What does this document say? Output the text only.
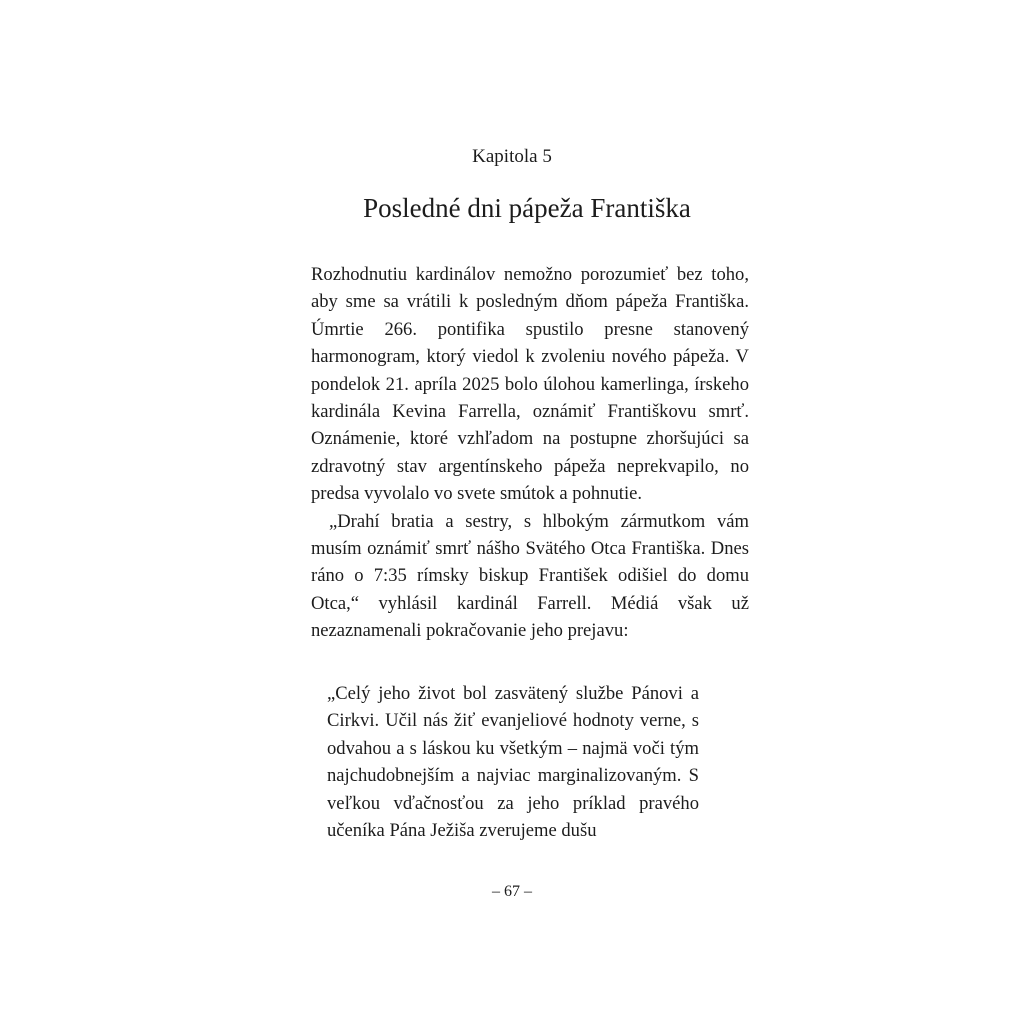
Kapitola 5
Posledné dni pápeža Františka

Rozhodnutiu kardinálov nemožno porozumieť bez toho, aby sme sa vrátili k posledným dňom pápeža Františka. Úmrtie 266. pontifika spustilo presne stanovený harmonogram, ktorý viedol k zvoleniu nového pápeža. V pondelok 21. apríla 2025 bolo úlohou kamerlinga, írskeho kardinála Kevina Farrella, oznámiť Františkovu smrť. Oznámenie, ktoré vzhľadom na postupne zhoršujúci sa zdravotný stav argentínskeho pápeža neprekvapilo, no predsa vyvolalo vo svete smútok a pohnutie.

„Drahí bratia a sestry, s hlbokým zármutkom vám musím oznámiť smrť nášho Svätého Otca Františka. Dnes ráno o 7:35 rímsky biskup František odišiel do domu Otca,“ vyhlásil kardinál Farrell. Médiá však už nezaznamenali pokračovanie jeho prejavu:

„Celý jeho život bol zasvätený službe Pánovi a Cirkvi. Učil nás žiť evanjeliové hodnoty verne, s odvahou a s láskou ku všetkým – najmä voči tým najchudobnejším a najviac marginalizovaným. S veľkou vďačnosťou za jeho príklad pravého učeníka Pána Ježiša zverujeme dušu

– 67 –
